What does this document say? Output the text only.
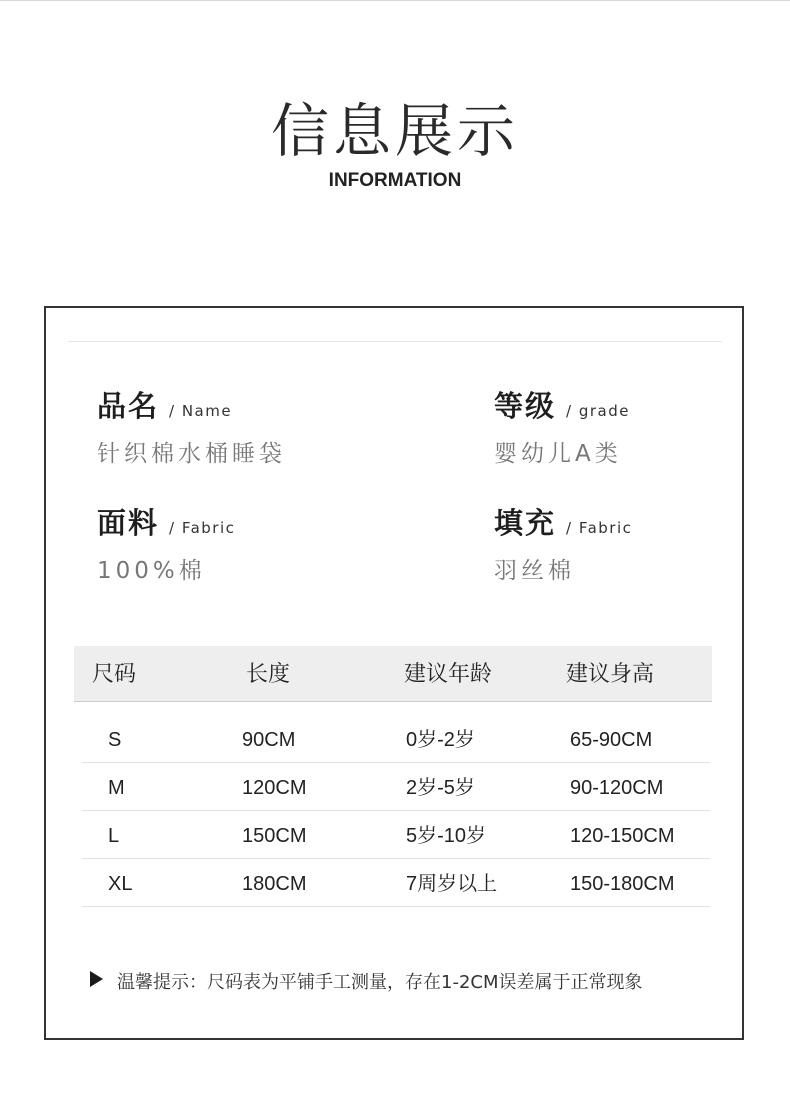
信息展示
INFORMATION
品名 / Name
针织棉水桶睡袋
等级 / grade
婴幼儿A类
面料 / Fabric
100%棉
填充 / Fabric
羽丝棉
尺码	长度	建议年龄	建议身高
S	90CM	0岁-2岁	65-90CM
M	120CM	2岁-5岁	90-120CM
L	150CM	5岁-10岁	120-150CM
XL	180CM	7周岁以上	150-180CM
温馨提示：尺码表为平铺手工测量，存在1-2CM误差属于正常现象
